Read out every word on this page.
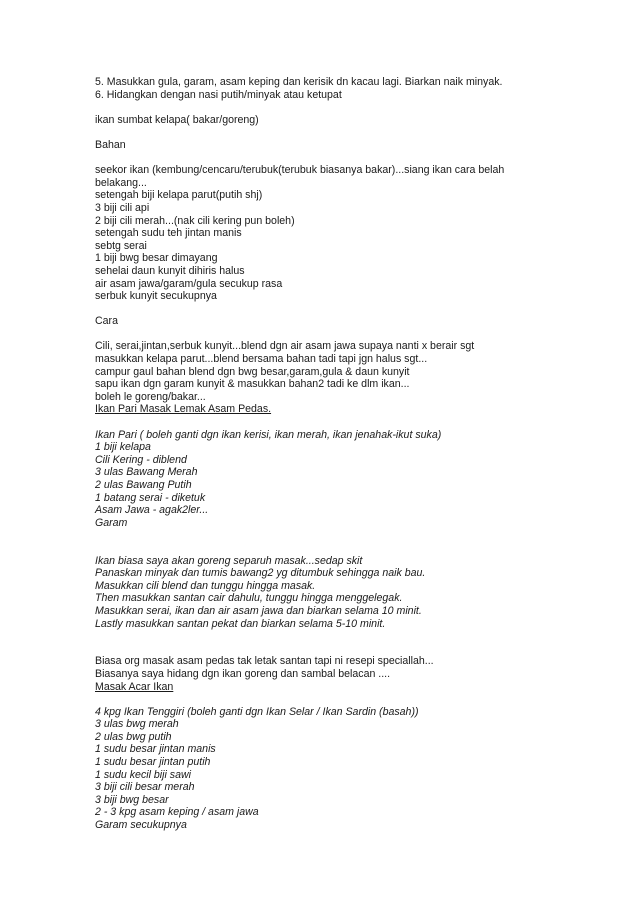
5. Masukkan gula, garam, asam keping dan kerisik dn kacau lagi. Biarkan naik minyak.
6. Hidangkan dengan nasi putih/minyak atau ketupat
ikan sumbat kelapa( bakar/goreng)
Bahan
seekor ikan (kembung/cencaru/terubuk(terubuk biasanya bakar)...siang ikan cara belah
belakang...
setengah biji kelapa parut(putih shj)
3 biji cili api
2 biji cili merah...(nak cili kering pun boleh)
setengah sudu teh jintan manis
sebtg serai
1 biji bwg besar dimayang
sehelai daun kunyit dihiris halus
air asam jawa/garam/gula secukup rasa
serbuk kunyit secukupnya
Cara
Cili, serai,jintan,serbuk kunyit...blend dgn air asam jawa supaya nanti x berair sgt
masukkan kelapa parut...blend bersama bahan tadi tapi jgn halus sgt...
campur gaul bahan blend dgn bwg besar,garam,gula & daun kunyit
sapu ikan dgn garam kunyit & masukkan bahan2 tadi ke dlm ikan...
boleh le goreng/bakar...
Ikan Pari Masak Lemak Asam Pedas.
Ikan Pari ( boleh ganti dgn ikan kerisi, ikan merah, ikan jenahak-ikut suka)
1 biji kelapa
Cili Kering - diblend
3 ulas Bawang Merah
2 ulas Bawang Putih
1 batang serai - diketuk
Asam Jawa - agak2ler...
Garam
Ikan biasa saya akan goreng separuh masak...sedap skit
Panaskan minyak dan tumis bawang2 yg ditumbuk sehingga naik bau.
Masukkan cili blend dan tunggu hingga masak.
Then masukkan santan cair dahulu, tunggu hingga menggelegak.
Masukkan serai, ikan dan air asam jawa dan biarkan selama 10 minit.
Lastly masukkan santan pekat dan biarkan selama 5-10 minit.
Biasa org masak asam pedas tak letak santan tapi ni resepi speciallah...
Biasanya saya hidang dgn ikan goreng dan sambal belacan ....
Masak Acar Ikan
4 kpg Ikan Tenggiri (boleh ganti dgn Ikan Selar / Ikan Sardin (basah))
3 ulas bwg merah
2 ulas bwg putih
1 sudu besar jintan manis
1 sudu besar jintan putih
1 sudu kecil biji sawi
3 biji cili besar merah
3 biji bwg besar
2 - 3 kpg asam keping / asam jawa
Garam secukupnya
